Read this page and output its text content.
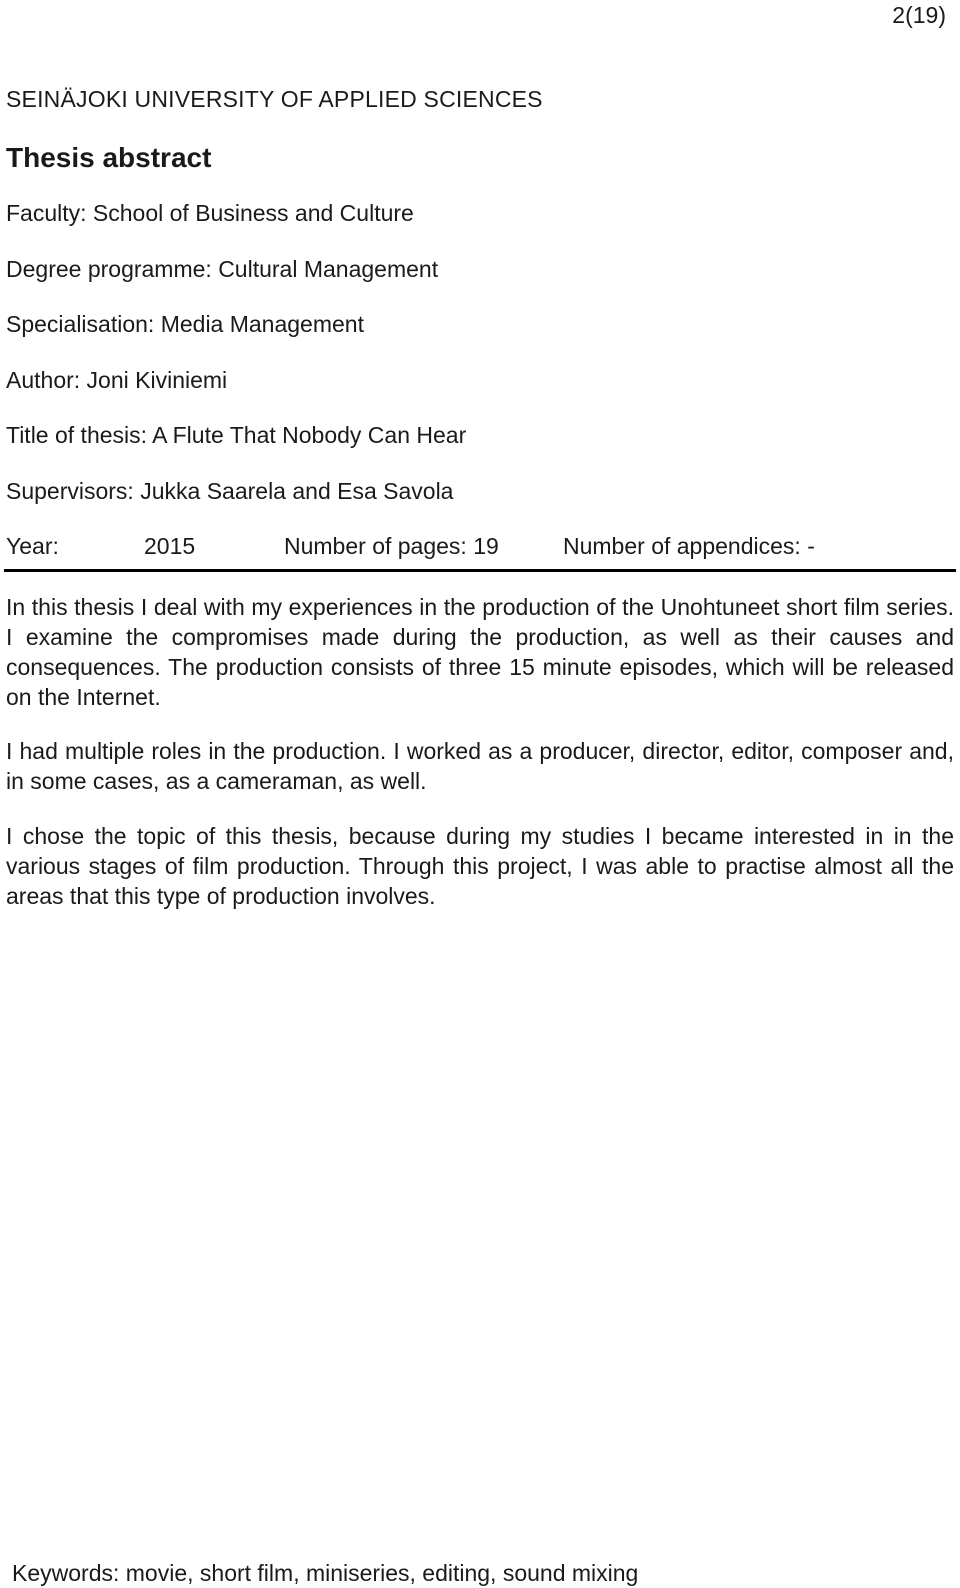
2(19)
SEINÄJOKI UNIVERSITY OF APPLIED SCIENCES
Thesis abstract
Faculty: School of Business and Culture
Degree programme: Cultural Management
Specialisation: Media Management
Author: Joni Kiviniemi
Title of thesis: A Flute That Nobody Can Hear
Supervisors: Jukka Saarela and Esa Savola
Year:	2015	Number of pages: 19	Number of appendices: -

In this thesis I deal with my experiences in the production of the Unohtuneet short film series. I examine the compromises made during the production, as well as their causes and consequences. The production consists of three 15 minute episodes, which will be released on the Internet.

I had multiple roles in the production. I worked as a producer, director, editor, composer and, in some cases, as a cameraman, as well.

I chose the topic of this thesis, because during my studies I became interested in in the various stages of film production. Through this project, I was able to practise almost all the areas that this type of production involves.

Keywords: movie, short film, miniseries, editing, sound mixing
